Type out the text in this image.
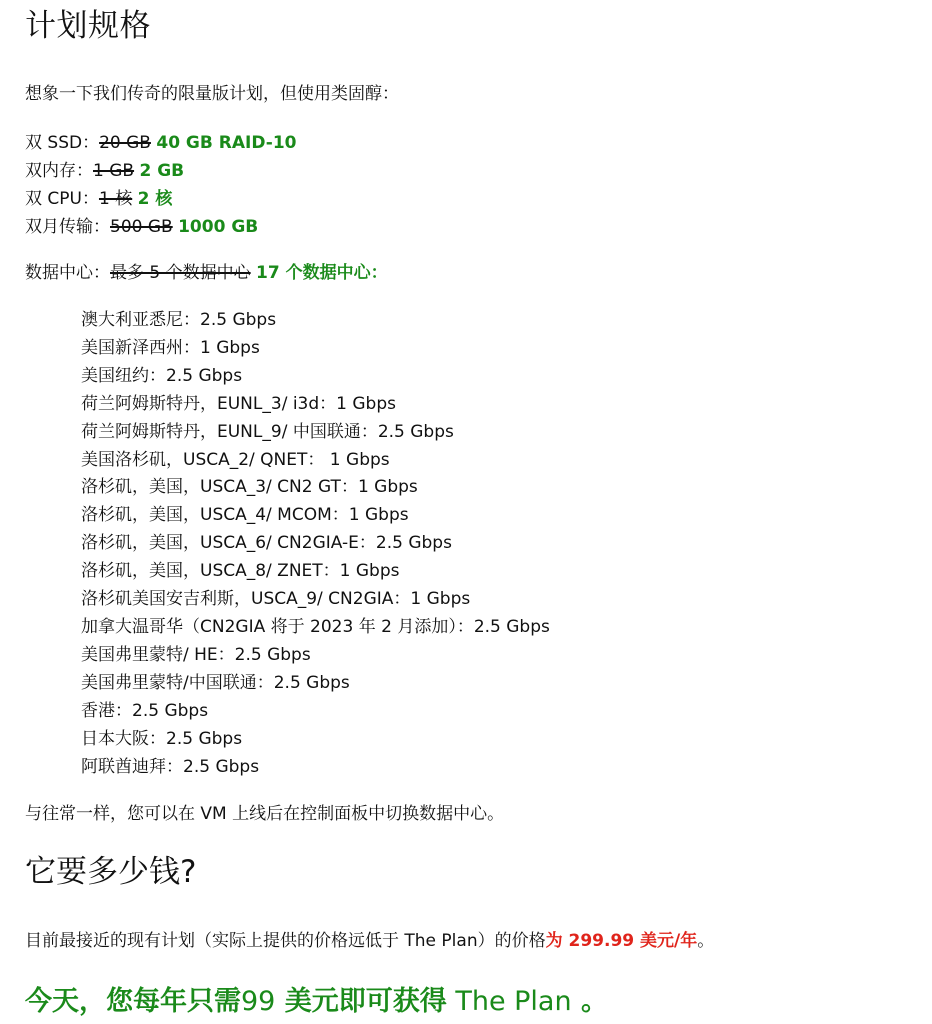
计划规格
想象一下我们传奇的限量版计划，但使用类固醇：
双 SSD：20 GB 40 GB RAID-10
双内存：1 GB 2 GB
双 CPU：1 核 2 核
双月传输：500 GB 1000 GB
数据中心：最多 5 个数据中心 17 个数据中心：
澳大利亚悉尼：2.5 Gbps
美国新泽西州：1 Gbps
美国纽约：2.5 Gbps
荷兰阿姆斯特丹，EUNL_3/ i3d：1 Gbps
荷兰阿姆斯特丹，EUNL_9/ 中国联通：2.5 Gbps
美国洛杉矶，USCA_2/ QNET： 1 Gbps
洛杉矶，美国，USCA_3/ CN2 GT：1 Gbps
洛杉矶，美国，USCA_4/ MCOM：1 Gbps
洛杉矶，美国，USCA_6/ CN2GIA-E：2.5 Gbps
洛杉矶，美国，USCA_8/ ZNET：1 Gbps
洛杉矶美国安吉利斯，USCA_9/ CN2GIA：1 Gbps
加拿大温哥华（CN2GIA 将于 2023 年 2 月添加）：2.5 Gbps
美国弗里蒙特/ HE：2.5 Gbps
美国弗里蒙特/中国联通：2.5 Gbps
香港：2.5 Gbps
日本大阪：2.5 Gbps
阿联酋迪拜：2.5 Gbps
与往常一样，您可以在 VM 上线后在控制面板中切换数据中心。
它要多少钱?
目前最接近的现有计划（实际上提供的价格远低于 The Plan）的价格为 299.99 美元/年。
今天，您每年只需99 美元即可获得 The Plan 。
